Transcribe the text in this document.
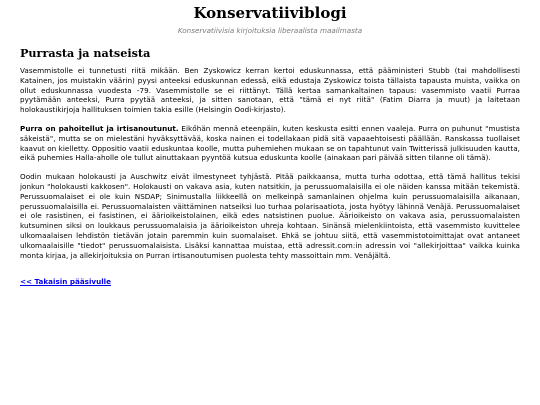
Konservatiiviblogi
Konservatiivisia kirjoituksia liberaalista maailmasta
Purrasta ja natseista

Vasemmistolle ei tunnetusti riitä mikään. Ben Zyskowicz kerran kertoi eduskunnassa, että pääministeri Stubb (tai mahdollisesti Katainen, jos muistakin väärin) pyysi anteeksi eduskunnan edessä, eikä edustaja Zyskowicz toista tällaista tapausta muista, vaikka on ollut eduskunnassa vuodesta -79. Vasemmistolle se ei riittänyt. Tällä kertaa samankaltainen tapaus: vasemmisto vaatii Purraa pyytämään anteeksi, Purra pyytää anteeksi, ja sitten sanotaan, että "tämä ei nyt riitä" (Fatim Diarra ja muut) ja laitetaan holokaustikirjoja hallituksen toimien takia esille (Helsingin Oodi-kirjasto).

Purra on pahoitellut ja irtisanoutunut. Eikőhän mennä eteenpäin, kuten keskusta esitti ennen vaaleja. Purra on puhunut "mustista säkeistä", mutta se on mielestäni hyväksyttävää, koska nainen ei todellakaan pidä sitä vapaaehtoisesti päällään. Ranskassa tuollaiset kaavut on kielletty. Oppositio vaatii eduskuntaa koolle, mutta puhemiehen mukaan se on tapahtunut vain Twitterissä julkisuuden kautta, eikä puhemies Halla-aholle ole tullut ainuttakaan pyyntöä kutsua eduskunta koolle (ainakaan pari päivää sitten tilanne oli tämä).

Oodin mukaan holokausti ja Auschwitz eivät ilmestyneet tyhjästä. Pitää paikkaansa, mutta turha odottaa, että tämä hallitus tekisi jonkun "holokausti kakkosen". Holokausti on vakava asia, kuten natsitkin, ja perussuomalaisilla ei ole näiden kanssa mitään tekemistä. Perussuomalaiset ei ole kuin NSDAP; Sinimustalla liikkeellä on melkeinpä samanlainen ohjelma kuin perussuomalaisilla aikanaan, perussuomalaisilla ei. Perussuomalaisten väittäminen natseiksi luo turhaa polarisaatiota, josta hyötyy lähinnä Venäjä. Perussuomalaiset ei ole rasistinen, ei fasistinen, ei äärioikeistolainen, eikä edes natsistinen puolue. Äärioikeisto on vakava asia, perussuomalaisten kutsuminen siksi on loukkaus perussuomalaisia ja äärioikeiston uhreja kohtaan. Sinänsä mielenkiintoista, että vasemmisto kuvittelee ulkomaalaisen lehdistön tietävän jotain paremmin kuin suomalaiset. Ehkä se johtuu siitä, että vasemmistotoimittajat ovat antaneet ulkomaalaisille "tiedot" perussuomalaisista. Lisäksi kannattaa muistaa, että adressit.com:in adressin voi "allekirjoittaa" vaikka kuinka monta kirjaa, ja allekirjoituksia on Purran irtisanoutumisen puolesta tehty massoittain mm. Venäjältä.

<< Takaisin pääsivulle
